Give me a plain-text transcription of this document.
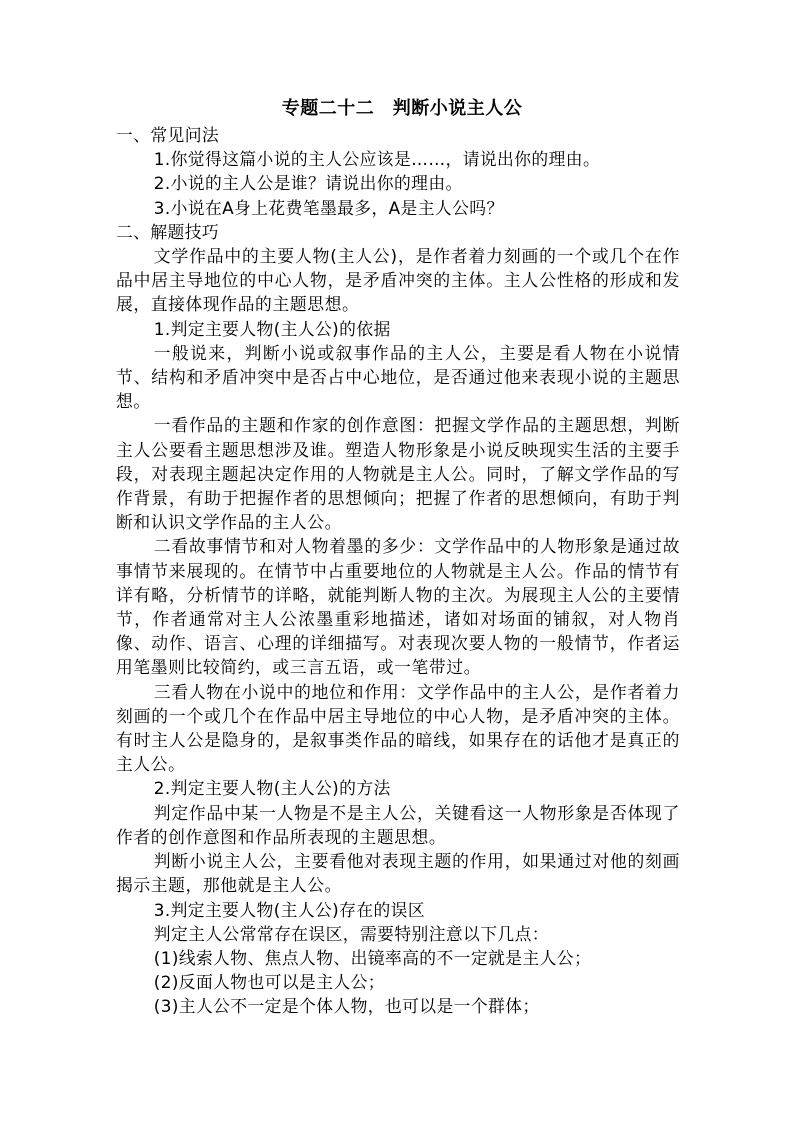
专题二十二　判断小说主人公

一、常见问法

1.你觉得这篇小说的主人公应该是……，请说出你的理由。

2.小说的主人公是谁？请说出你的理由。

3.小说在A身上花费笔墨最多，A是主人公吗？

二、解题技巧

文学作品中的主要人物(主人公)，是作者着力刻画的一个或几个在作品中居主导地位的中心人物，是矛盾冲突的主体。主人公性格的形成和发展，直接体现作品的主题思想。

1.判定主要人物(主人公)的依据

一般说来，判断小说或叙事作品的主人公，主要是看人物在小说情节、结构和矛盾冲突中是否占中心地位，是否通过他来表现小说的主题思想。

一看作品的主题和作家的创作意图：把握文学作品的主题思想，判断主人公要看主题思想涉及谁。塑造人物形象是小说反映现实生活的主要手段，对表现主题起决定作用的人物就是主人公。同时，了解文学作品的写作背景，有助于把握作者的思想倾向；把握了作者的思想倾向，有助于判断和认识文学作品的主人公。

二看故事情节和对人物着墨的多少：文学作品中的人物形象是通过故事情节来展现的。在情节中占重要地位的人物就是主人公。作品的情节有详有略，分析情节的详略，就能判断人物的主次。为展现主人公的主要情节，作者通常对主人公浓墨重彩地描述，诸如对场面的铺叙，对人物肖像、动作、语言、心理的详细描写。对表现次要人物的一般情节，作者运用笔墨则比较简约，或三言五语，或一笔带过。

三看人物在小说中的地位和作用：文学作品中的主人公，是作者着力刻画的一个或几个在作品中居主导地位的中心人物，是矛盾冲突的主体。有时主人公是隐身的，是叙事类作品的暗线，如果存在的话他才是真正的主人公。

2.判定主要人物(主人公)的方法

判定作品中某一人物是不是主人公，关键看这一人物形象是否体现了作者的创作意图和作品所表现的主题思想。

判断小说主人公，主要看他对表现主题的作用，如果通过对他的刻画揭示主题，那他就是主人公。

3.判定主要人物(主人公)存在的误区

判定主人公常常存在误区，需要特别注意以下几点：

(1)线索人物、焦点人物、出镜率高的不一定就是主人公；

(2)反面人物也可以是主人公；

(3)主人公不一定是个体人物，也可以是一个群体；
